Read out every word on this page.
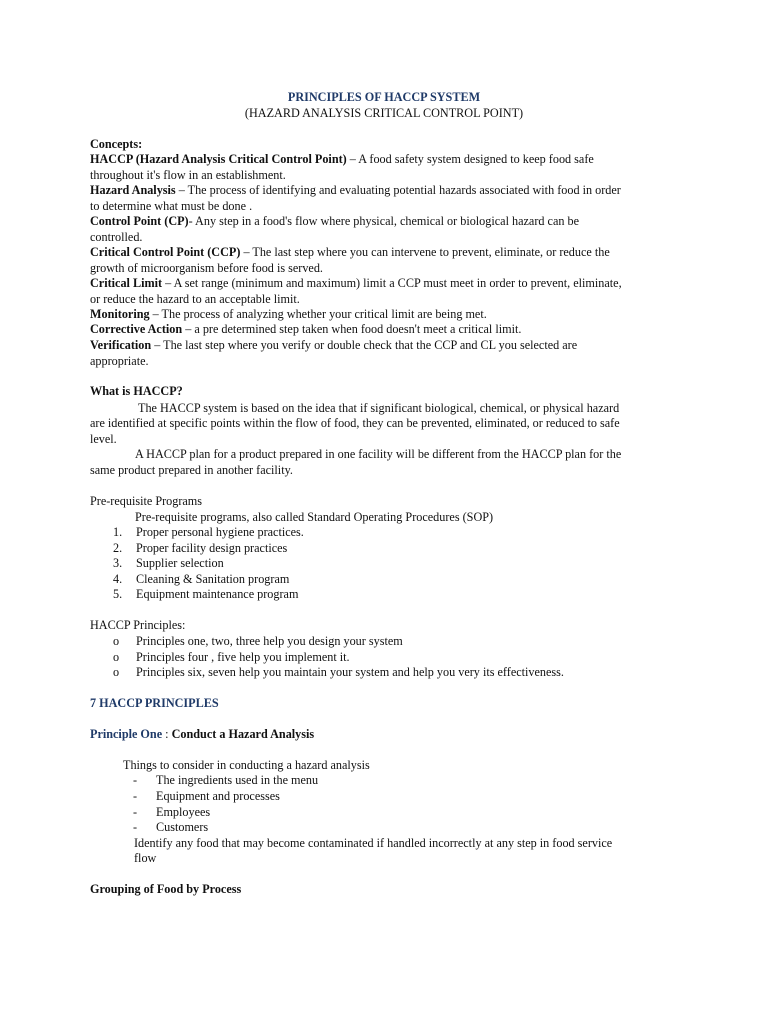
PRINCIPLES OF HACCP SYSTEM
(HAZARD ANALYSIS CRITICAL CONTROL POINT)
Concepts:
HACCP (Hazard Analysis Critical Control Point) – A food safety system designed to keep food safe
throughout it's flow in an establishment.
Hazard Analysis – The process of identifying and evaluating potential hazards associated with food in order
to determine what must be done .
Control Point (CP)- Any step in a food's flow where physical, chemical or biological hazard can be
controlled.
Critical Control Point (CCP) – The last step where you can intervene to prevent, eliminate, or reduce the
growth of microorganism before food is served.
Critical Limit – A set range (minimum and maximum) limit a CCP must meet in order to prevent, eliminate,
or reduce the hazard to an acceptable limit.
Monitoring – The process of analyzing whether your critical limit are being met.
Corrective Action – a pre determined step taken when food doesn't meet a critical limit.
Verification – The last step where you verify or double check that the CCP and CL you selected are
appropriate.
What is HACCP?
The HACCP system is based on the idea that if significant biological, chemical, or physical hazard
are identified at specific points within the flow of food, they can be prevented, eliminated, or reduced to safe
level.
A HACCP plan for a product prepared in one facility will be different from the HACCP plan for the
same product prepared in another facility.
Pre-requisite Programs
Pre-requisite programs, also called Standard Operating Procedures (SOP)
1. Proper personal hygiene practices.
2. Proper facility design practices
3. Supplier selection
4. Cleaning & Sanitation program
5. Equipment maintenance program
HACCP Principles:
o Principles one, two, three help you design your system
o Principles four , five help you implement it.
o Principles six, seven help you maintain your system and help you very its effectiveness.
7 HACCP PRINCIPLES
Principle One : Conduct a Hazard Analysis
Things to consider in conducting a hazard analysis
- The ingredients used in the menu
- Equipment and processes
- Employees
- Customers
Identify any food that may become contaminated if handled incorrectly at any step in food service
flow
Grouping of Food by Process
